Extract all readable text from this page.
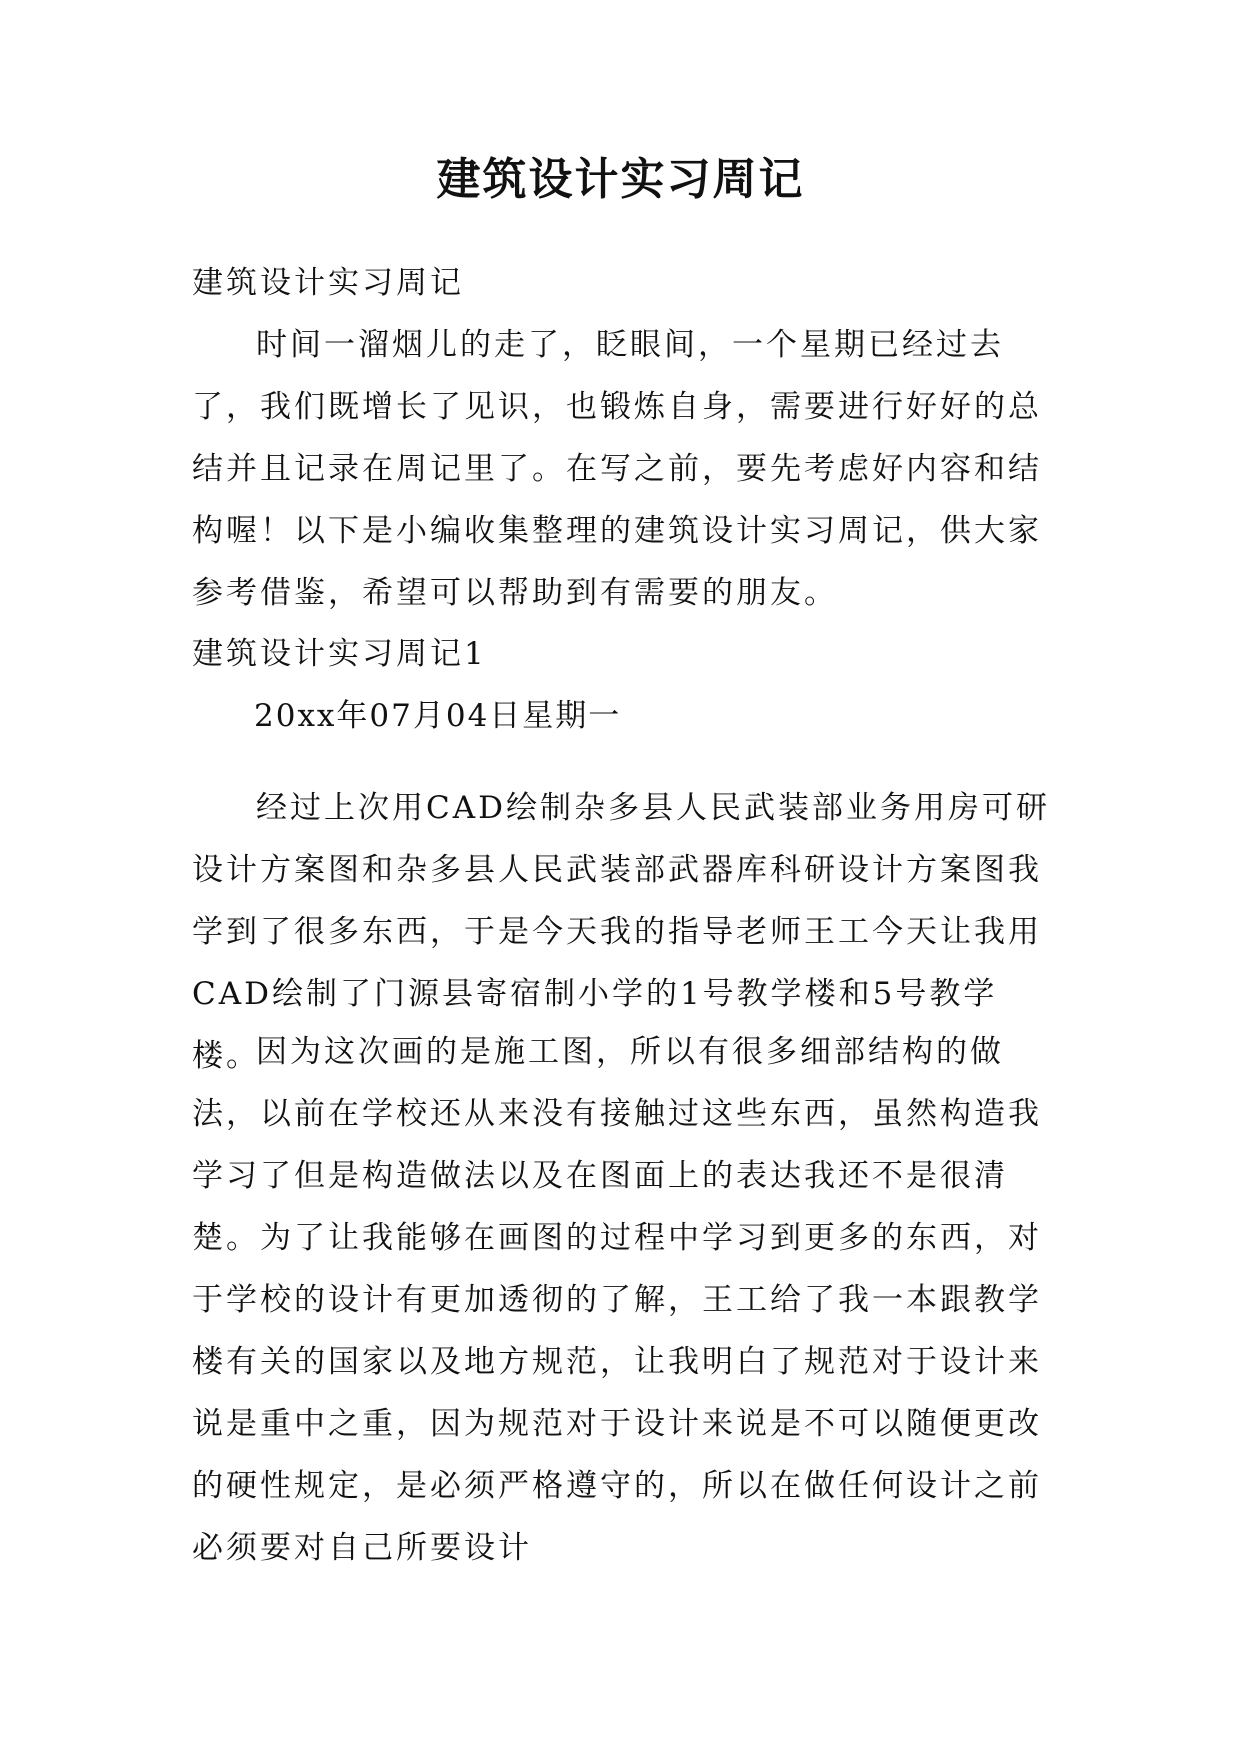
建筑设计实习周记

建筑设计实习周记

时间一溜烟儿的走了，眨眼间，一个星期已经过去了，我们既增长了见识，也锻炼自身，需要进行好好的总结并且记录在周记里了。在写之前，要先考虑好内容和结构喔！以下是小编收集整理的建筑设计实习周记，供大家参考借鉴，希望可以帮助到有需要的朋友。

建筑设计实习周记1

20xx年07月04日星期一

经过上次用CAD绘制杂多县人民武装部业务用房可研设计方案图和杂多县人民武装部武器库科研设计方案图我学到了很多东西，于是今天我的指导老师王工今天让我用CAD绘制了门源县寄宿制小学的1号教学楼和5号教学楼。

因为这次画的是施工图，所以有很多细部结构的做法，以前在学校还从来没有接触过这些东西，虽然构造我学习了但是构造做法以及在图面上的表达我还不是很清楚。为了让我能够在画图的过程中学习到更多的东西，对于学校的设计有更加透彻的了解，王工给了我一本跟教学楼有关的国家以及地方规范，让我明白了规范对于设计来说是重中之重，因为规范对于设计来说是不可以随便更改的硬性规定，是必须严格遵守的，所以在做任何设计之前必须要对自己所要设计
